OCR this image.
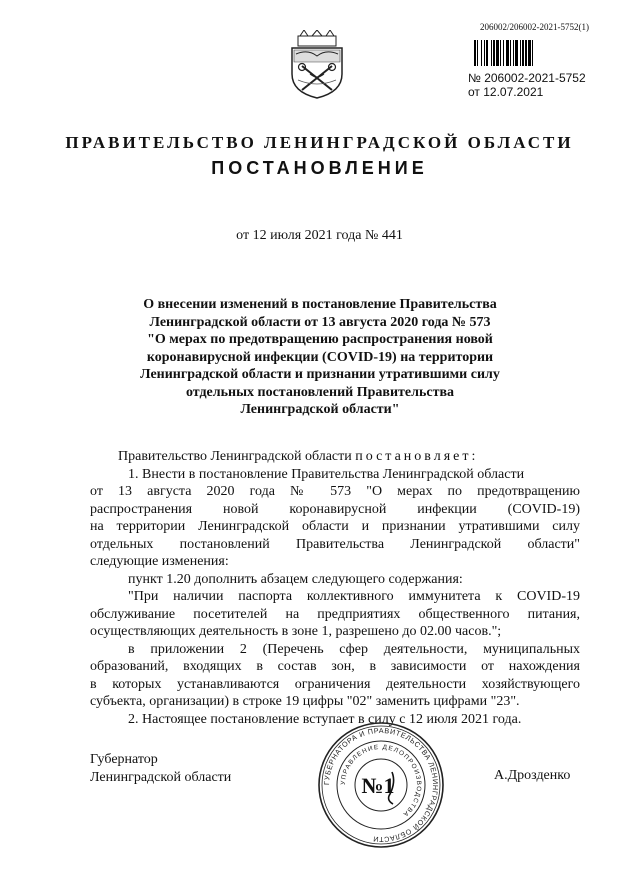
206002/206002-2021-5752(1)
№ 206002-2021-5752
от 12.07.2021
ПРАВИТЕЛЬСТВО ЛЕНИНГРАДСКОЙ ОБЛАСТИ
ПОСТАНОВЛЕНИЕ
от 12 июля 2021 года № 441
О внесении изменений в постановление Правительства
Ленинградской области от 13 августа 2020 года № 573
"О мерах по предотвращению распространения новой
коронавирусной инфекции (COVID-19) на территории
Ленинградской области и признании утратившими силу
отдельных постановлений Правительства
Ленинградской области"
Правительство Ленинградской области постановляет:
1. Внести в постановление Правительства Ленинградской области
от 13 августа 2020 года № 573 "О мерах по предотвращению
распространения новой коронавирусной инфекции (COVID-19)
на территории Ленинградской области и признании утратившими силу
отдельных постановлений Правительства Ленинградской области"
следующие изменения:
пункт 1.20 дополнить абзацем следующего содержания:
"При наличии паспорта коллективного иммунитета к COVID-19
обслуживание посетителей на предприятиях общественного питания,
осуществляющих деятельность в зоне 1, разрешено до 02.00 часов.";
в приложении 2 (Перечень сфер деятельности, муниципальных
образований, входящих в состав зон, в зависимости от нахождения
в которых устанавливаются ограничения деятельности хозяйствующего
субъекта, организации) в строке 19 цифры "02" заменить цифрами "23".
2. Настоящее постановление вступает в силу с 12 июля 2021 года.
Губернатор
Ленинградской области	А.Дрозденко
ГУБЕРНАТОРА И ПРАВИТЕЛЬСТВА ЛЕНИНГРАДСКОЙ ОБЛАСТИ
УПРАВЛЕНИЕ ДЕЛОПРОИЗВОДСТВА
№1
